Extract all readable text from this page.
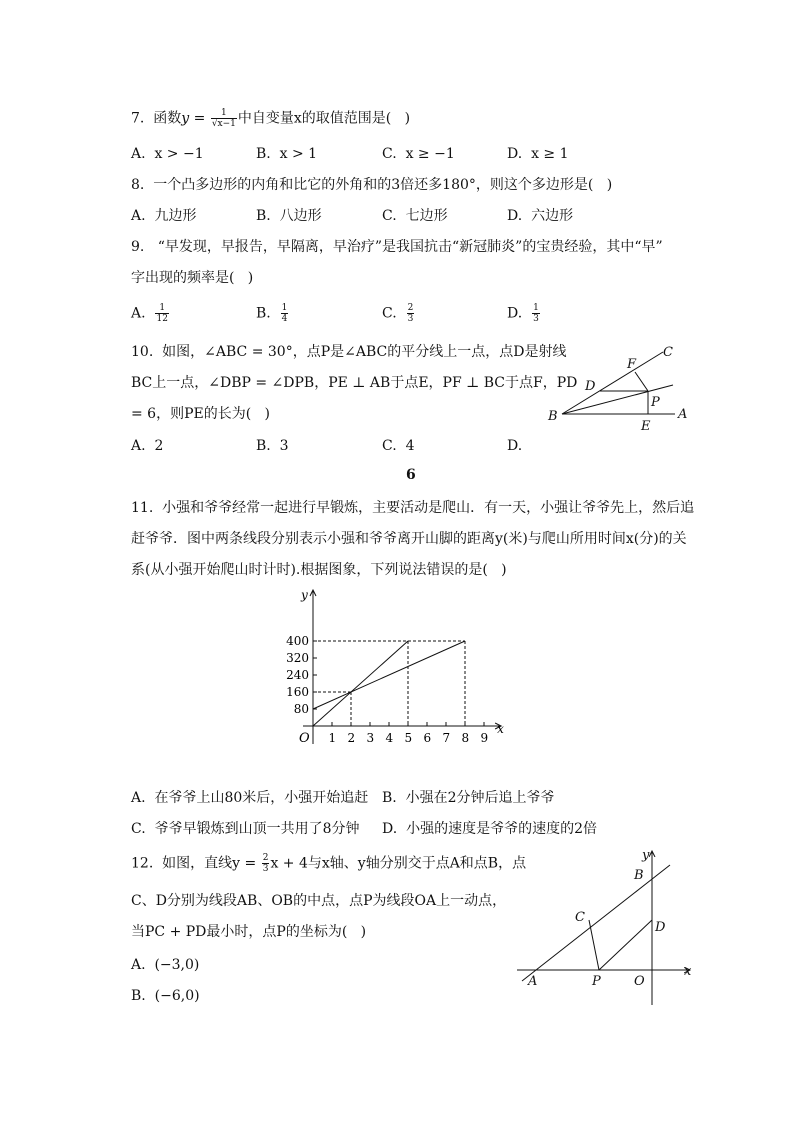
7.  函数$y = \frac{1}{√x-1}$ 中自变量x的取值范围是(   )
A.  x > −1	B.  x > 1	C.  x ≥ −1	D.  x ≥ 1
8.  一个凸多边形的内角和比它的外角和的3倍还多180°，则这个多边形是(   )
A.  九边形	B.  八边形	C.  七边形	D.  六边形
9.   “早发现，早报告，早隔离，早治疗”是我国抗击“新冠肺炎”的宝贵经验，其中“早”
字出现的频率是(   )
A. $\frac{1}{12}$	B. $\frac{1}{4}$	C. $\frac{2}{3}$	D. $\frac{1}{3}$
10.  如图，∠ABC = 30°，点P是∠ABC的平分线上一点，点D是射线
BC上一点，∠DBP = ∠DPB，PE ⊥ AB于点E，PF ⊥ BC于点F，PD
= 6，则PE的长为(   )
A.  2	B.  3	C.  4	D.
6
B	A
C
D
F
P
E
11.  小强和爷爷经常一起进行早锻炼，主要活动是爬山．有一天，小强让爷爷先上，然后追
赶爷爷．图中两条线段分别表示小强和爷爷离开山脚的距离y(米)与爬山所用时间x(分)的关
系(从小强开始爬山时计时).根据图象，下列说法错误的是(   )
y
x
O 1 2 3 4 5 6 7 8 9
80
160
240
320
400
A.  在爷爷上山80米后，小强开始追赶 B.  小强在2分钟后追上爷爷
C.  爷爷早锻炼到山顶一共用了8分钟 D.  小强的速度是爷爷的速度的2倍
12.  如图，直线$y = \frac{2}{3}$ x + 4与x轴、y轴分别交于点A和点B，点
C、D分别为线段AB、OB的中点，点P为线段OA上一动点，
当PC + PD最小时，点P的坐标为(   )
A.  (−3,0)
B.  (−6,0)
y
x
B
C
D
A	P	O
